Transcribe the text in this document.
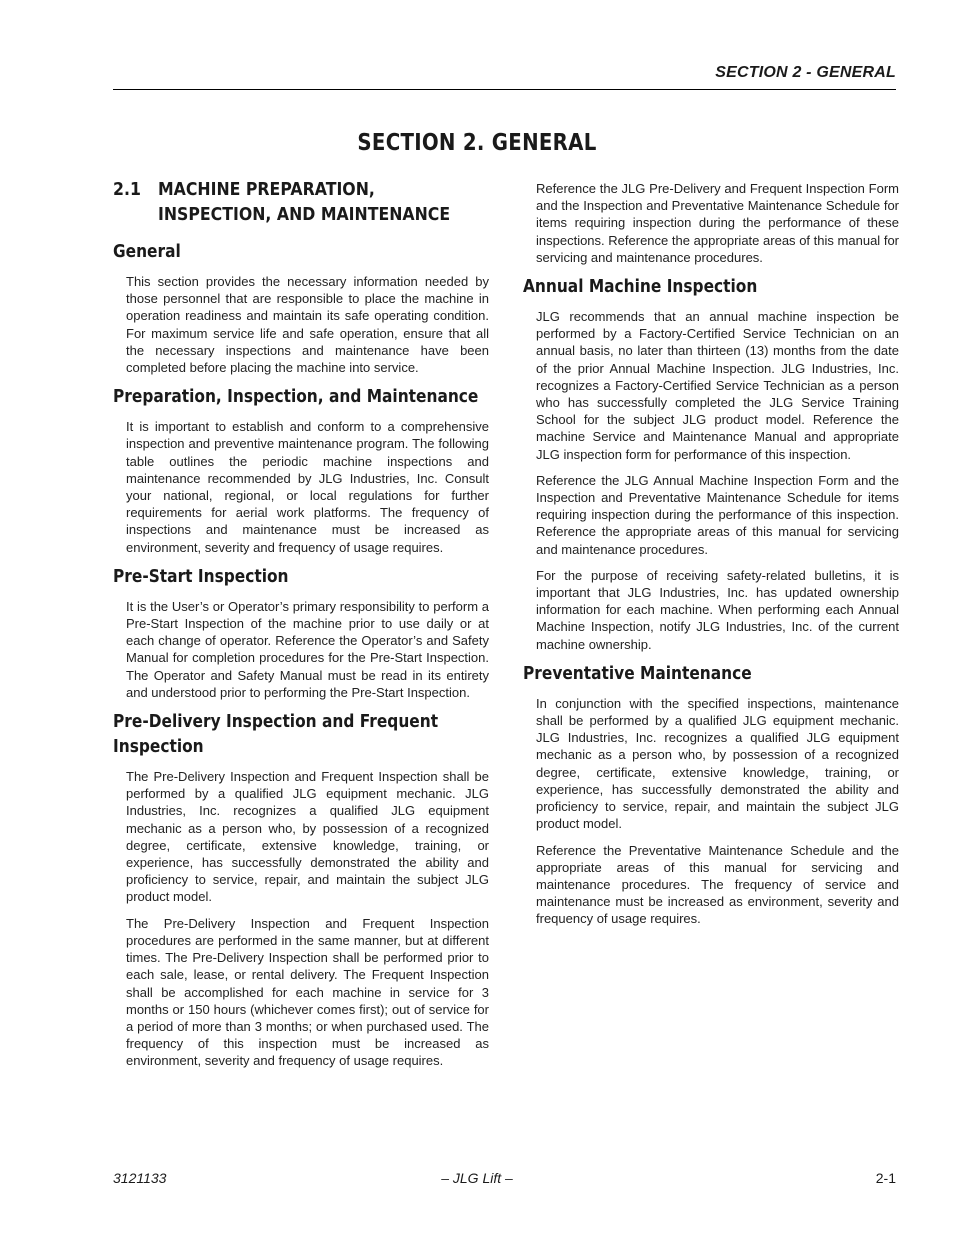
SECTION 2 - GENERAL
SECTION 2. GENERAL
2.1 MACHINE PREPARATION, INSPECTION, AND MAINTENANCE
General

This section provides the necessary information needed by those personnel that are responsible to place the machine in operation readiness and maintain its safe operating condition. For maximum service life and safe operation, ensure that all the necessary inspections and maintenance have been completed before placing the machine into service.

Preparation, Inspection, and Maintenance

It is important to establish and conform to a comprehensive inspection and preventive maintenance program. The following table outlines the periodic machine inspections and maintenance recommended by JLG Industries, Inc. Consult your national, regional, or local regulations for further requirements for aerial work platforms. The frequency of inspections and maintenance must be increased as environment, severity and frequency of usage requires.

Pre-Start Inspection

It is the User’s or Operator’s primary responsibility to perform a Pre-Start Inspection of the machine prior to use daily or at each change of operator. Reference the Operator’s and Safety Manual for completion procedures for the Pre-Start Inspection. The Operator and Safety Manual must be read in its entirety and understood prior to performing the Pre-Start Inspection.

Pre-Delivery Inspection and Frequent Inspection

The Pre-Delivery Inspection and Frequent Inspection shall be performed by a qualified JLG equipment mechanic. JLG Industries, Inc. recognizes a qualified JLG equipment mechanic as a person who, by possession of a recognized degree, certificate, extensive knowledge, training, or experience, has successfully demonstrated the ability and proficiency to service, repair, and maintain the subject JLG product model.

The Pre-Delivery Inspection and Frequent Inspection procedures are performed in the same manner, but at different times. The Pre-Delivery Inspection shall be performed prior to each sale, lease, or rental delivery. The Frequent Inspection shall be accomplished for each machine in service for 3 months or 150 hours (whichever comes first); out of service for a period of more than 3 months; or when purchased used. The frequency of this inspection must be increased as environment, severity and frequency of usage requires.

Reference the JLG Pre-Delivery and Frequent Inspection Form and the Inspection and Preventative Maintenance Schedule for items requiring inspection during the performance of these inspections. Reference the appropriate areas of this manual for servicing and maintenance procedures.

Annual Machine Inspection

JLG recommends that an annual machine inspection be performed by a Factory-Certified Service Technician on an annual basis, no later than thirteen (13) months from the date of the prior Annual Machine Inspection. JLG Industries, Inc. recognizes a Factory-Certified Service Technician as a person who has successfully completed the JLG Service Training School for the subject JLG product model. Reference the machine Service and Maintenance Manual and appropriate JLG inspection form for performance of this inspection.

Reference the JLG Annual Machine Inspection Form and the Inspection and Preventative Maintenance Schedule for items requiring inspection during the performance of this inspection. Reference the appropriate areas of this manual for servicing and maintenance procedures.

For the purpose of receiving safety-related bulletins, it is important that JLG Industries, Inc. has updated ownership information for each machine. When performing each Annual Machine Inspection, notify JLG Industries, Inc. of the current machine ownership.

Preventative Maintenance

In conjunction with the specified inspections, maintenance shall be performed by a qualified JLG equipment mechanic. JLG Industries, Inc. recognizes a qualified JLG equipment mechanic as a person who, by possession of a recognized degree, certificate, extensive knowledge, training, or experience, has successfully demonstrated the ability and proficiency to service, repair, and maintain the subject JLG product model.

Reference the Preventative Maintenance Schedule and the appropriate areas of this manual for servicing and maintenance procedures. The frequency of service and maintenance must be increased as environment, severity and frequency of usage requires.

3121133	– JLG Lift –	2-1
